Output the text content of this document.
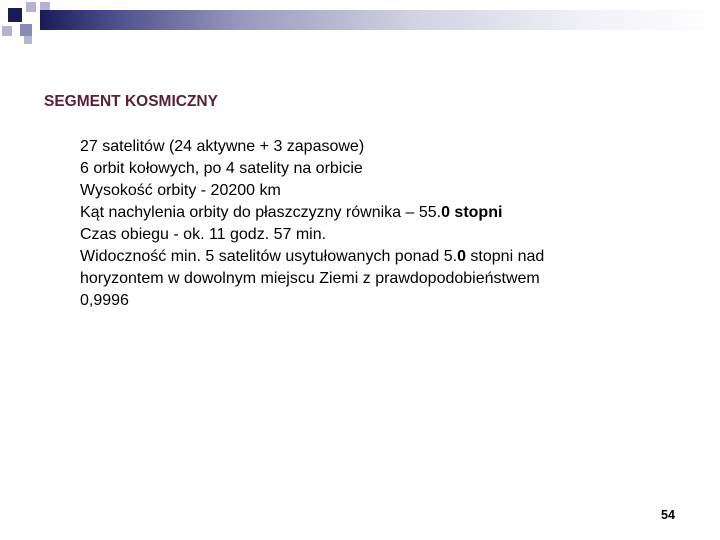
SEGMENT KOSMICZNY
27 satelitów (24 aktywne + 3 zapasowe)
6 orbit kołowych, po 4 satelity na orbicie
Wysokość orbity - 20200 km
Kąt nachylenia orbity do płaszczyzny równika – 55.0 stopni
Czas obiegu - ok. 11 godz. 57 min.
Widoczność min. 5 satelitów usytułowanych ponad 5.0 stopni nad
horyzontem w dowolnym miejscu Ziemi z prawdopodobieństwem
0,9996
54
